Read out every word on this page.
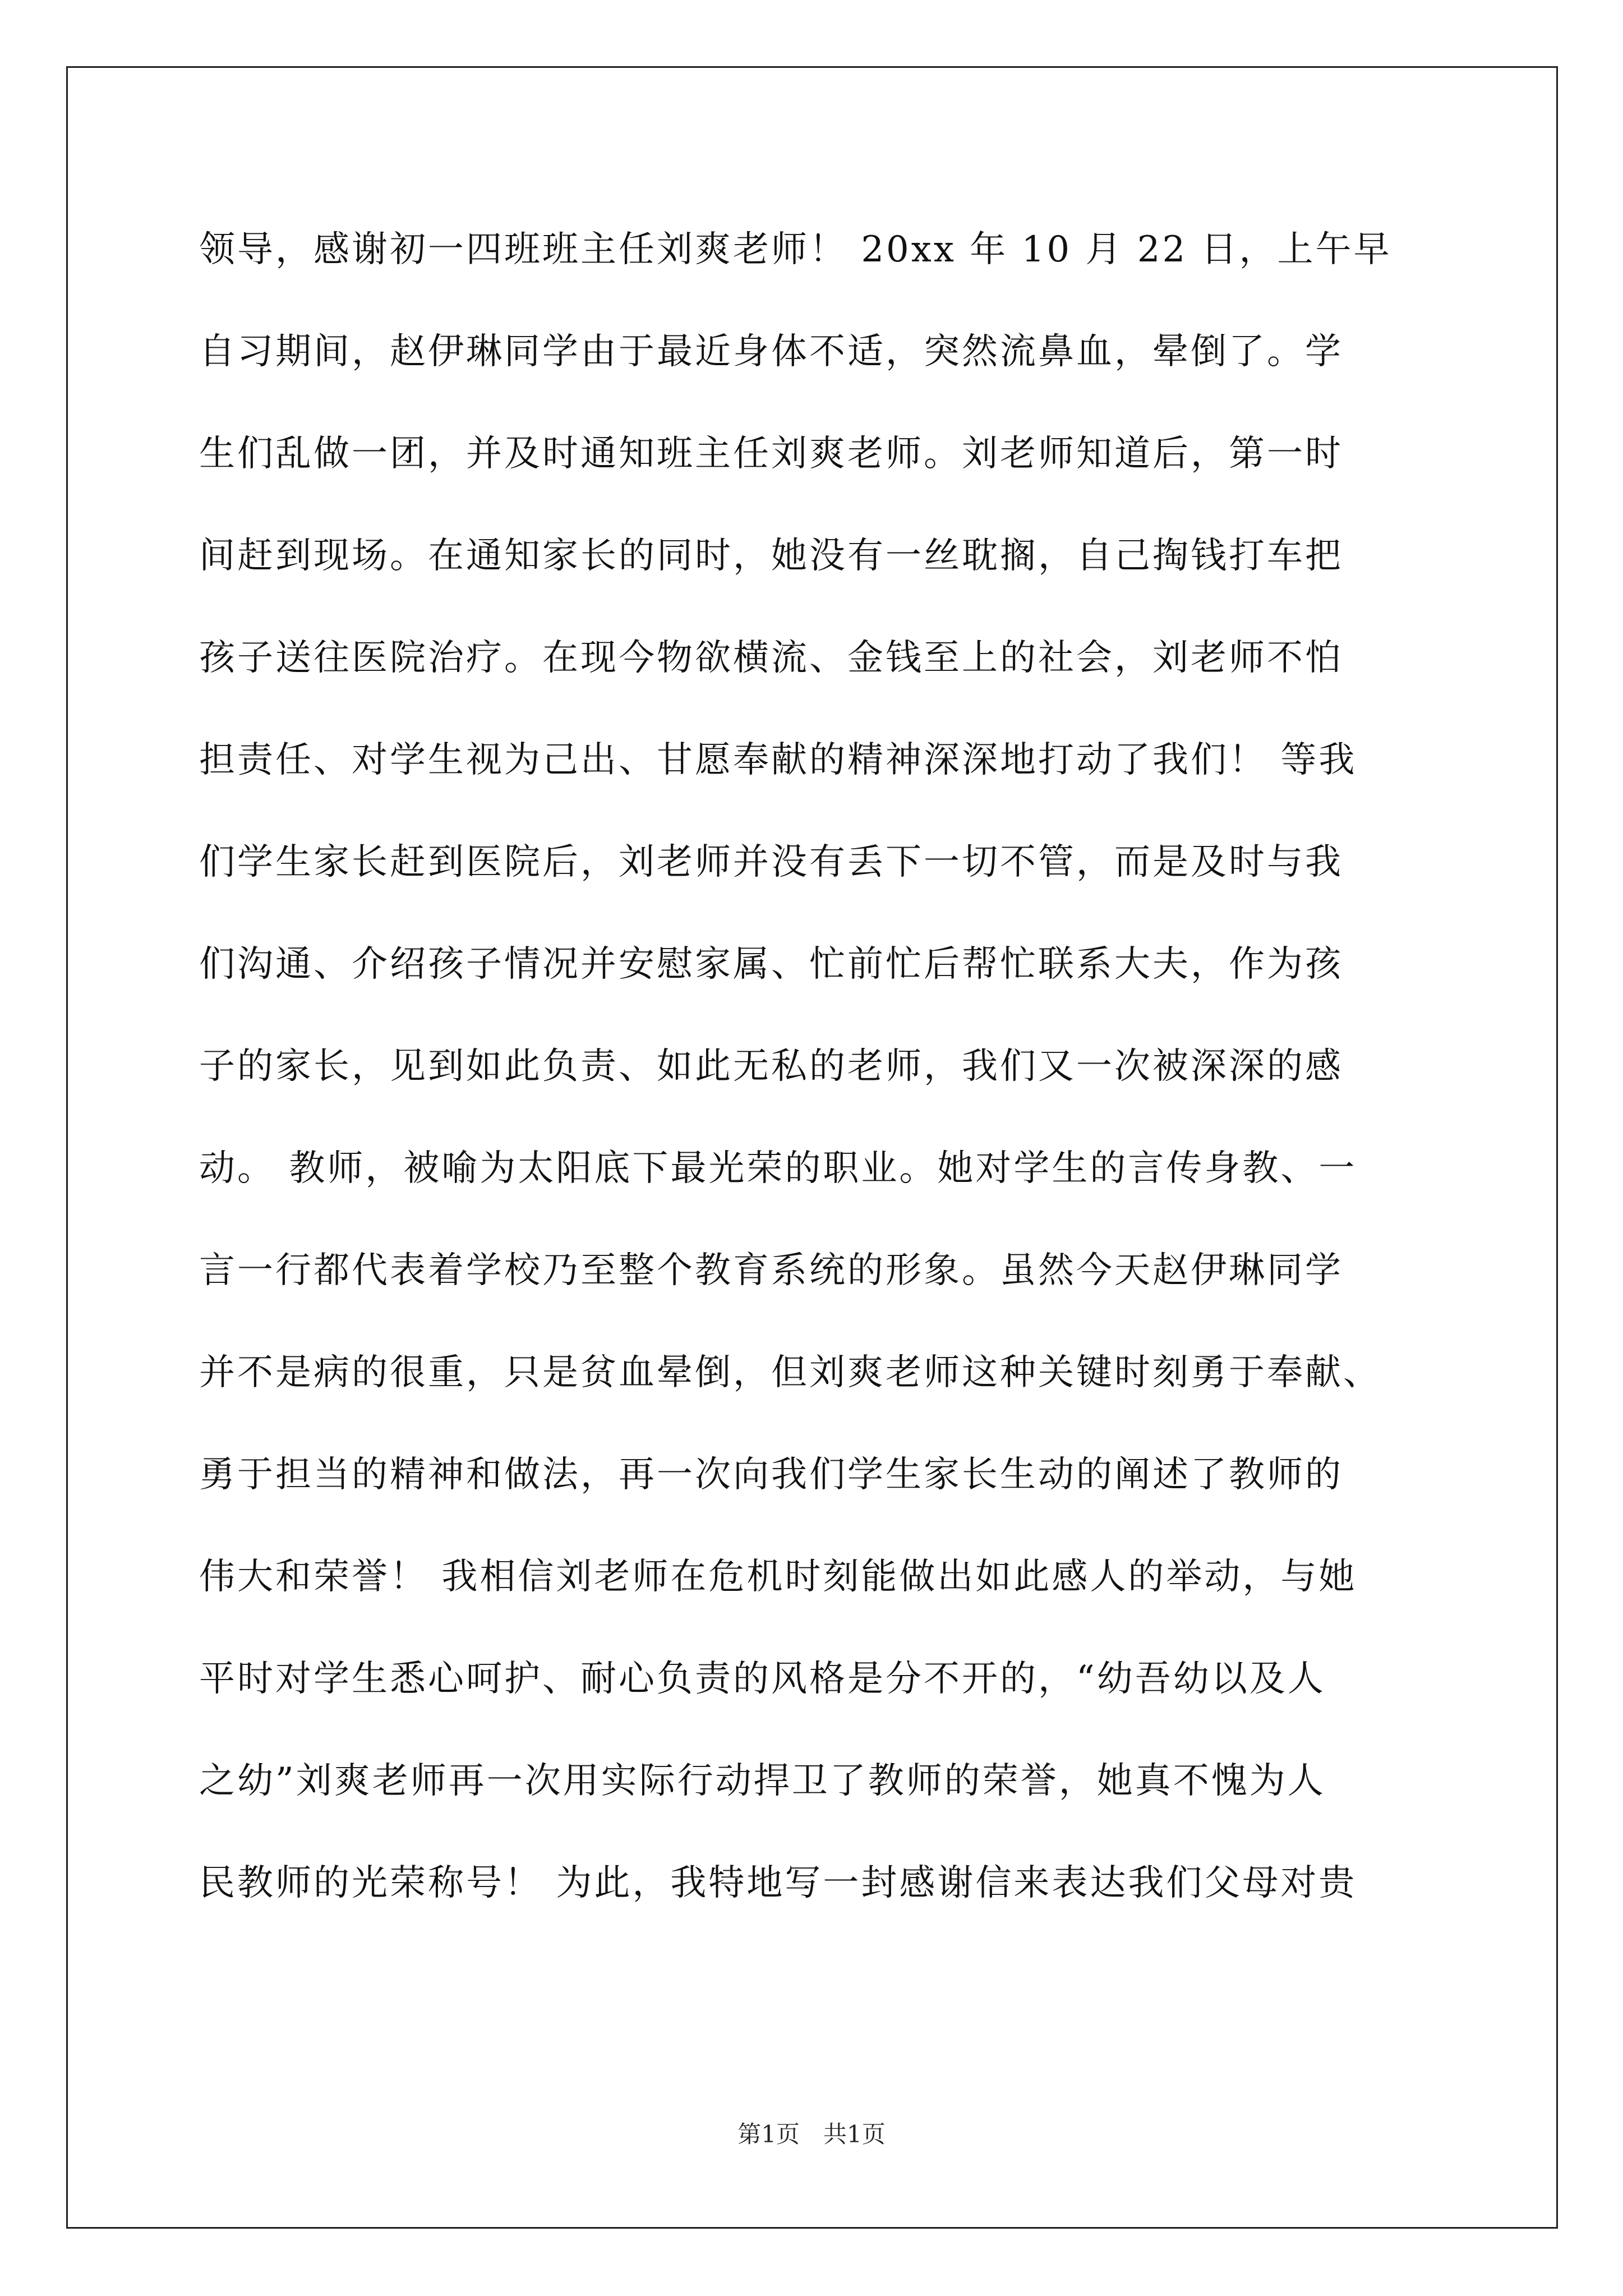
领导，感谢初一四班班主任刘爽老师！ 20xx 年 10 月 22 日，上午早
自习期间，赵伊琳同学由于最近身体不适，突然流鼻血，晕倒了。学
生们乱做一团，并及时通知班主任刘爽老师。刘老师知道后，第一时
间赶到现场。在通知家长的同时，她没有一丝耽搁，自己掏钱打车把
孩子送往医院治疗。在现今物欲横流、金钱至上的社会，刘老师不怕
担责任、对学生视为己出、甘愿奉献的精神深深地打动了我们！ 等我
们学生家长赶到医院后，刘老师并没有丢下一切不管，而是及时与我
们沟通、介绍孩子情况并安慰家属、忙前忙后帮忙联系大夫，作为孩
子的家长，见到如此负责、如此无私的老师，我们又一次被深深的感
动。 教师，被喻为太阳底下最光荣的职业。她对学生的言传身教、一
言一行都代表着学校乃至整个教育系统的形象。虽然今天赵伊琳同学
并不是病的很重，只是贫血晕倒，但刘爽老师这种关键时刻勇于奉献、
勇于担当的精神和做法，再一次向我们学生家长生动的阐述了教师的
伟大和荣誉！ 我相信刘老师在危机时刻能做出如此感人的举动，与她
平时对学生悉心呵护、耐心负责的风格是分不开的，“幼吾幼以及人
之幼”刘爽老师再一次用实际行动捍卫了教师的荣誉，她真不愧为人
民教师的光荣称号！ 为此，我特地写一封感谢信来表达我们父母对贵
第1页　共1页
